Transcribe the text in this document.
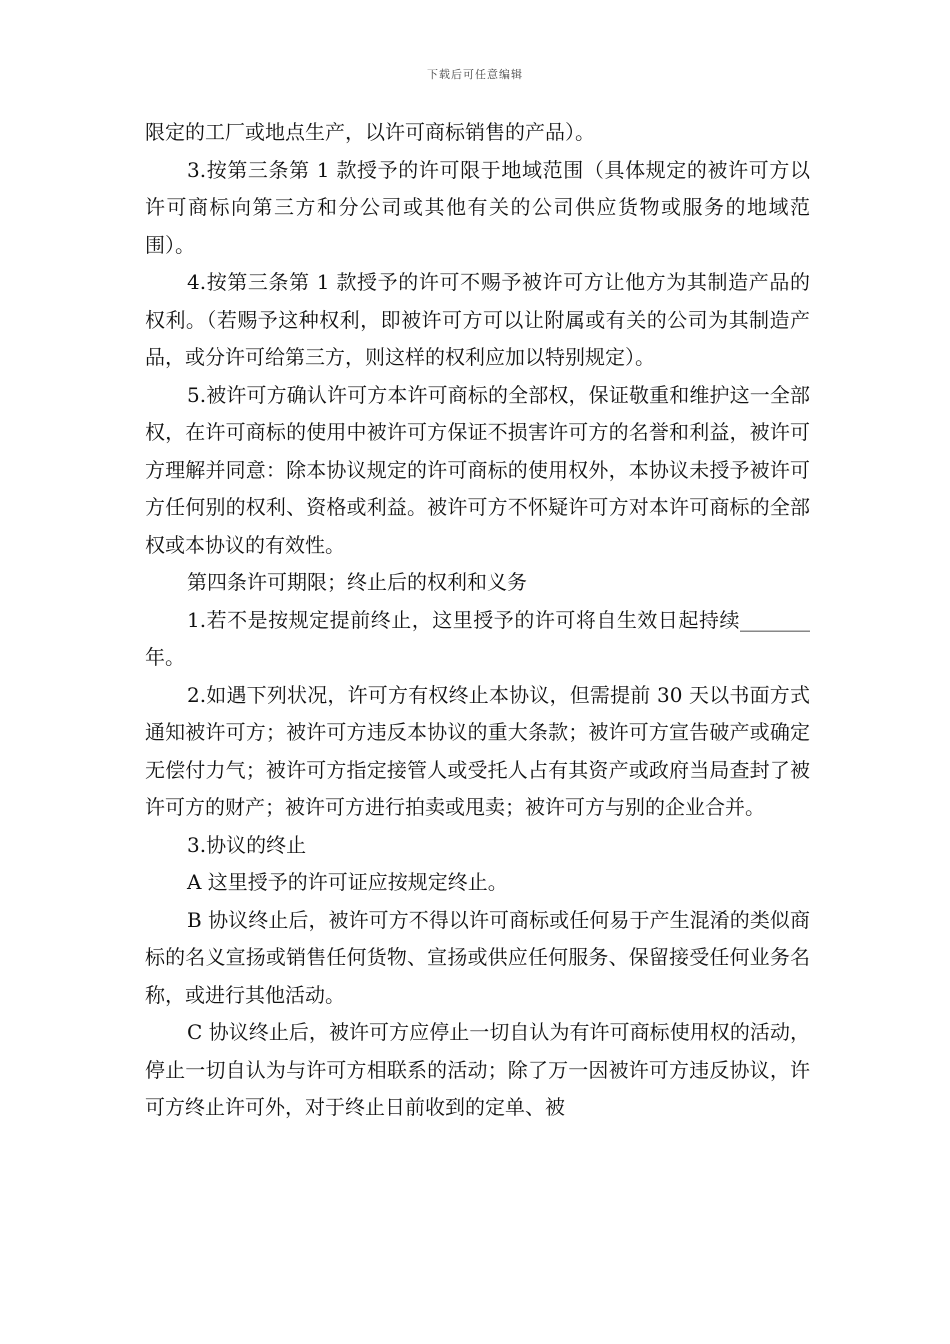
下载后可任意编辑

限定的工厂或地点生产，以许可商标销售的产品）。

3.按第三条第 1 款授予的许可限于地域范围（具体规定的被许可方以许可商标向第三方和分公司或其他有关的公司供应货物或服务的地域范围）。

4.按第三条第 1 款授予的许可不赐予被许可方让他方为其制造产品的权利。（若赐予这种权利，即被许可方可以让附属或有关的公司为其制造产品，或分许可给第三方，则这样的权利应加以特别规定）。

5.被许可方确认许可方本许可商标的全部权，保证敬重和维护这一全部权，在许可商标的使用中被许可方保证不损害许可方的名誉和利益，被许可方理解并同意：除本协议规定的许可商标的使用权外，本协议未授予被许可方任何别的权利、资格或利益。被许可方不怀疑许可方对本许可商标的全部权或本协议的有效性。

第四条许可期限；终止后的权利和义务

1.若不是按规定提前终止，这里授予的许可将自生效日起持续_______年。

2.如遇下列状况，许可方有权终止本协议，但需提前 30 天以书面方式通知被许可方；被许可方违反本协议的重大条款；被许可方宣告破产或确定无偿付力气；被许可方指定接管人或受托人占有其资产或政府当局查封了被许可方的财产；被许可方进行拍卖或甩卖；被许可方与别的企业合并。

3.协议的终止

A 这里授予的许可证应按规定终止。

B 协议终止后，被许可方不得以许可商标或任何易于产生混淆的类似商标的名义宣扬或销售任何货物、宣扬或供应任何服务、保留接受任何业务名称，或进行其他活动。

C 协议终止后，被许可方应停止一切自认为有许可商标使用权的活动，停止一切自认为与许可方相联系的活动；除了万一因被许可方违反协议，许可方终止许可外，对于终止日前收到的定单、被
